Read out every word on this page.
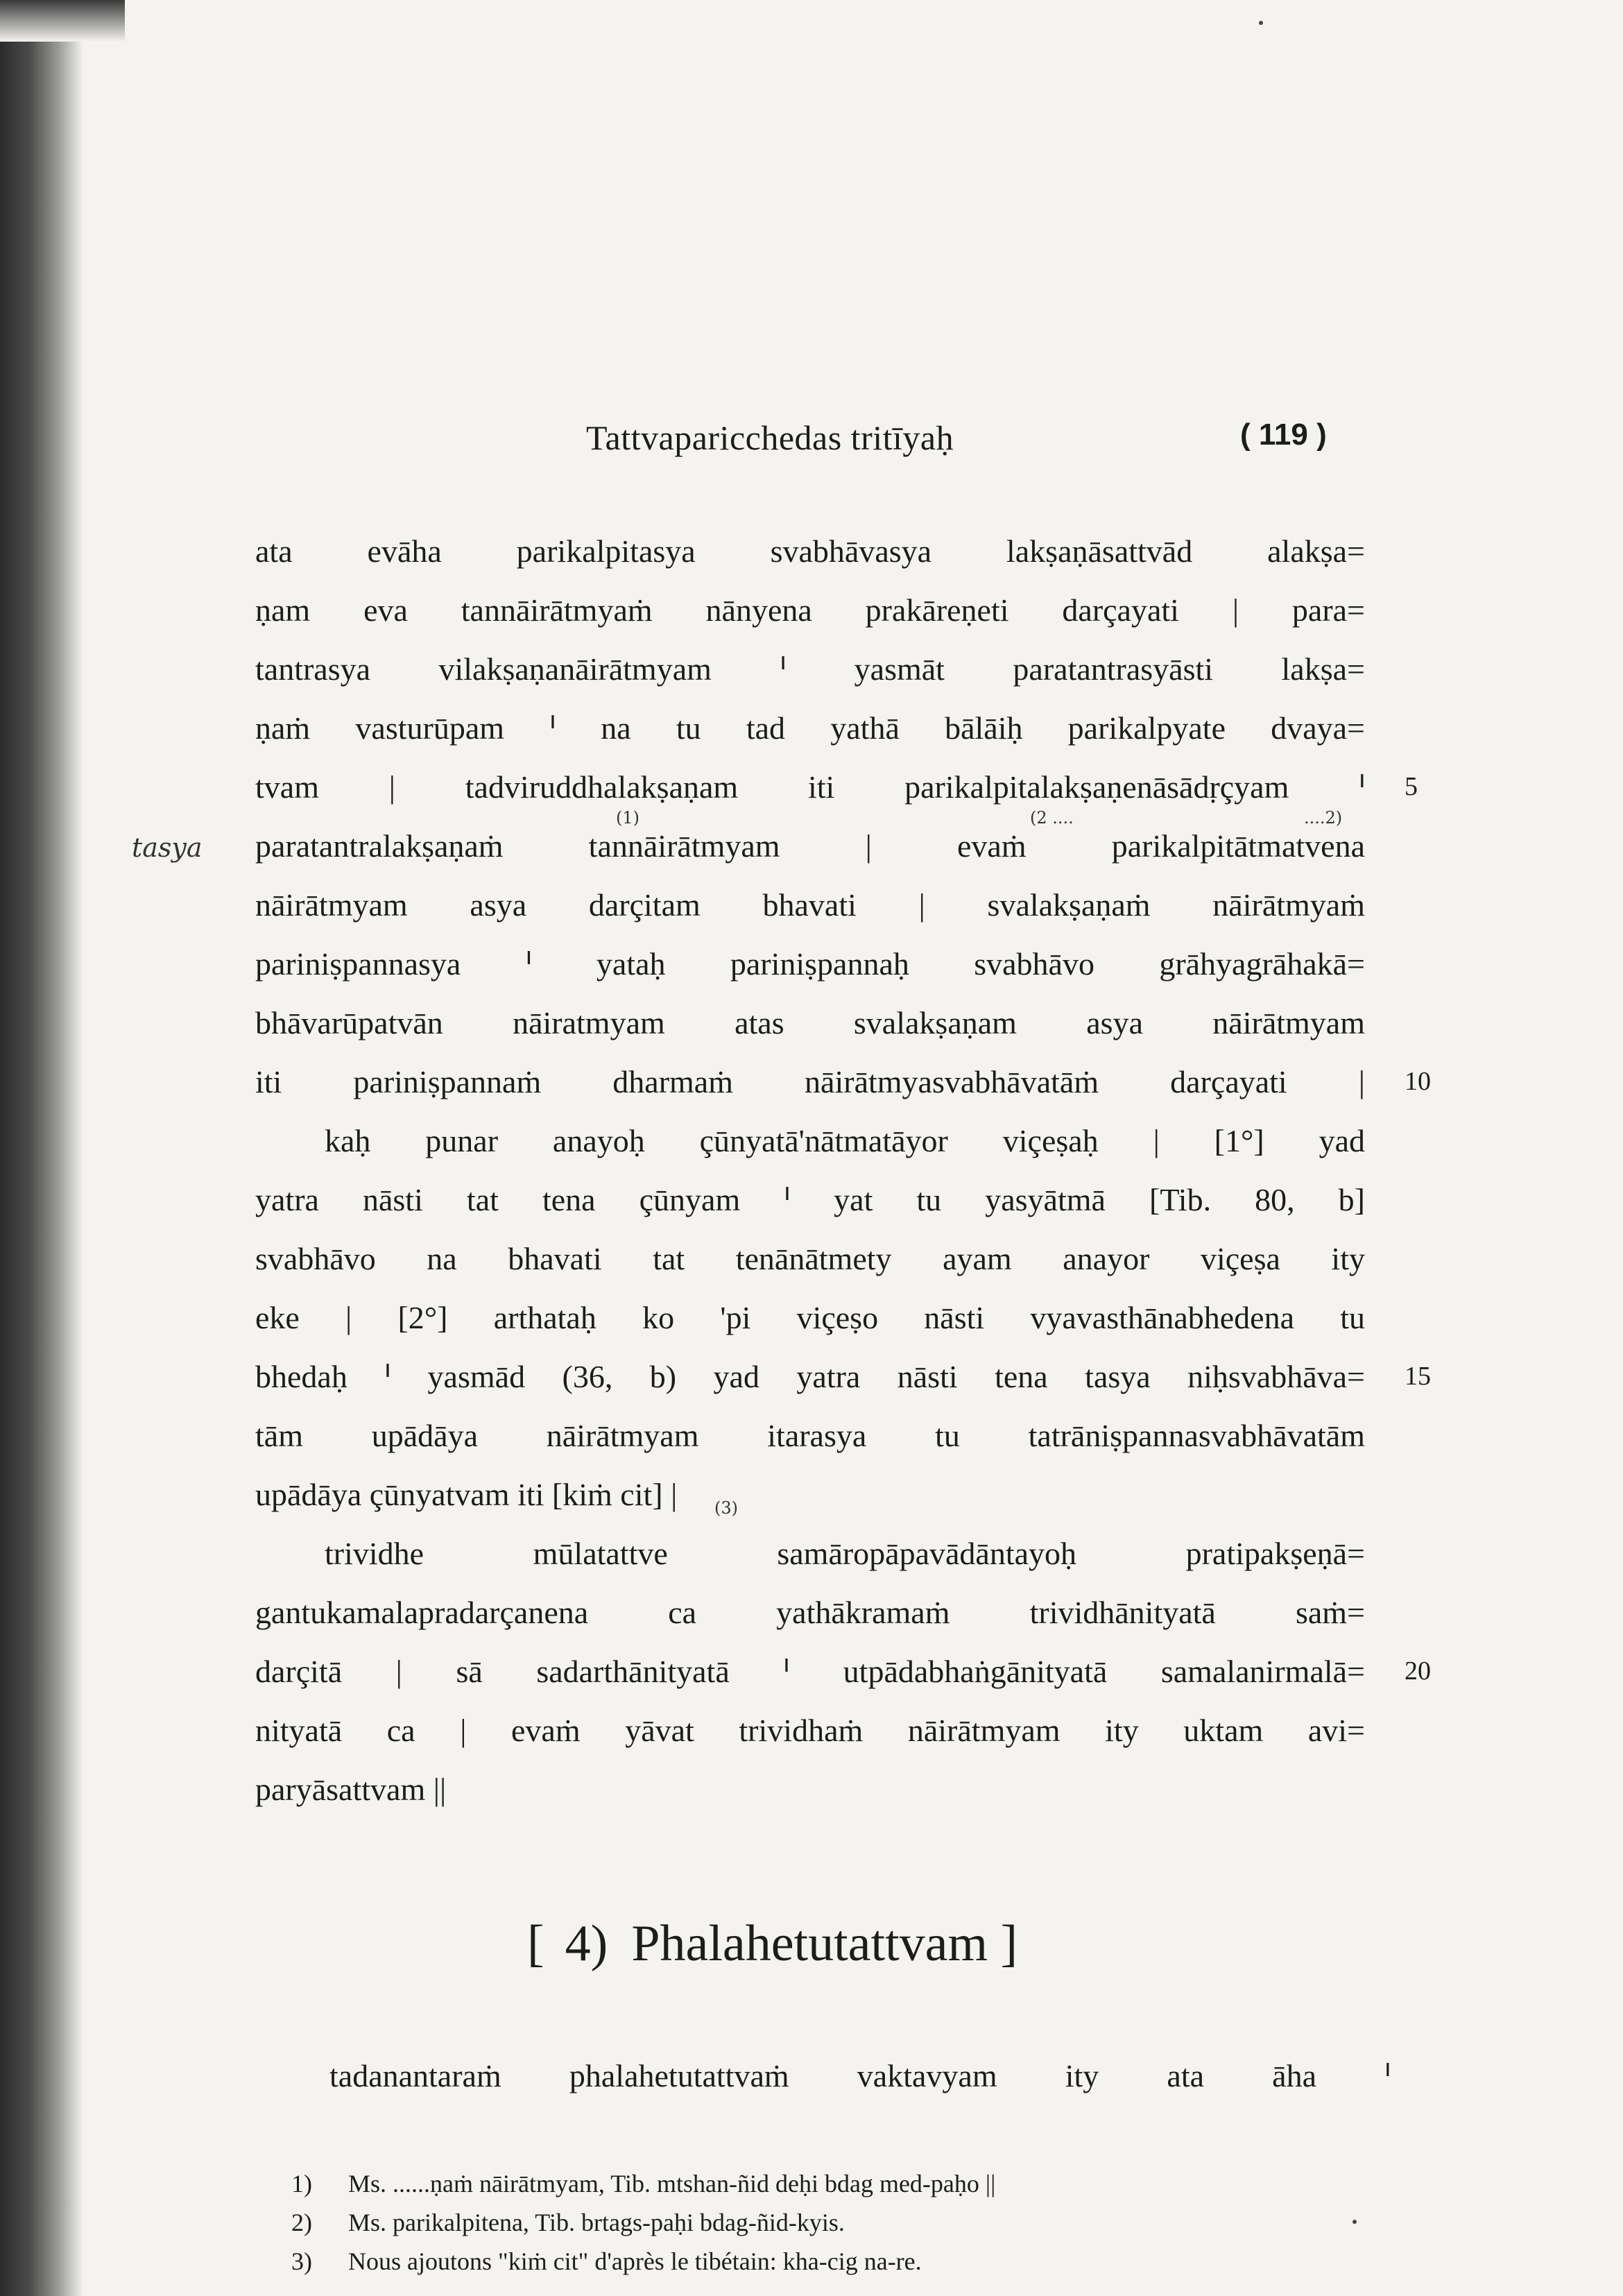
Tattvaparicchedas tritīyaḥ	( 119 )
ata evāha parikalpitasya svabhāvasya lakṣaṇāsattvād alakṣa=
ṇam eva tannāirātmyaṁ nānyena prakāreṇeti darçayati | para=
tantrasya vilakṣaṇanāirātmyam ᑊ yasmāt paratantrasyāsti lakṣa=
ṇaṁ vasturūpam ᑊ na tu tad yathā bālāiḥ parikalpyate dvaya=
tvam | tadviruddhalakṣaṇam iti parikalpitalakṣaṇenāsādṛçyam ᑊ
paratantralakṣaṇaṁ tannāirātmyam | evaṁ parikalpitātmatvena
nāirātmyam asya darçitam bhavati | svalakṣaṇaṁ nāirātmyaṁ
pariniṣpannasya ᑊ yataḥ pariniṣpannaḥ svabhāvo grāhyagrāhakā=
bhāvarūpatvān nāiratmyam atas svalakṣaṇam asya nāirātmyam
iti pariniṣpannaṁ dharmaṁ nāirātmyasvabhāvatāṁ darçayati |
kaḥ punar anayoḥ çūnyatā'nātmatāyor viçeṣaḥ | [1°] yad
yatra nāsti tat tena çūnyam ᑊ yat tu yasyātmā [Tib. 80, b]
svabhāvo na bhavati tat tenānātmety ayam anayor viçeṣa ity
eke | [2°] arthataḥ ko 'pi viçeṣo nāsti vyavasthānabhedena tu
bhedaḥ ᑊ yasmād (36, b) yad yatra nāsti tena tasya niḥsvabhāva=
tām upādāya nāirātmyam itarasya tu tatrāniṣpannasvabhāvatām
upādāya çūnyatvam iti [kiṁ cit] |
trividhe mūlatattve samāropāpavādāntayoḥ pratipakṣeṇā=
gantukamalapradarçanena ca yathākramaṁ trividhānityatā saṁ=
darçitā | sā sadarthānityatā ᑊ utpādabhaṅgānityatā samalanirmalā=
nityatā ca | evaṁ yāvat trividhaṁ nāirātmyam ity uktam avi=
paryāsattvam ||
5
10
15
20
tasya
(1)	(2 ....	....2)
(3)
[ 4) Phalahetutattvam ]
tadanantaraṁ phalahetutattvaṁ vaktavyam ity ata āha ᑊ
1) Ms. ......ṇaṁ nāirātmyam, Tib. mtshan-ñid deḥi bdag med-paḥo ||
2) Ms. parikalpitena, Tib. brtags-paḥi bdag-ñid-kyis.
3) Nous ajoutons "kiṁ cit" d'après le tibétain: kha-cig na-re.
